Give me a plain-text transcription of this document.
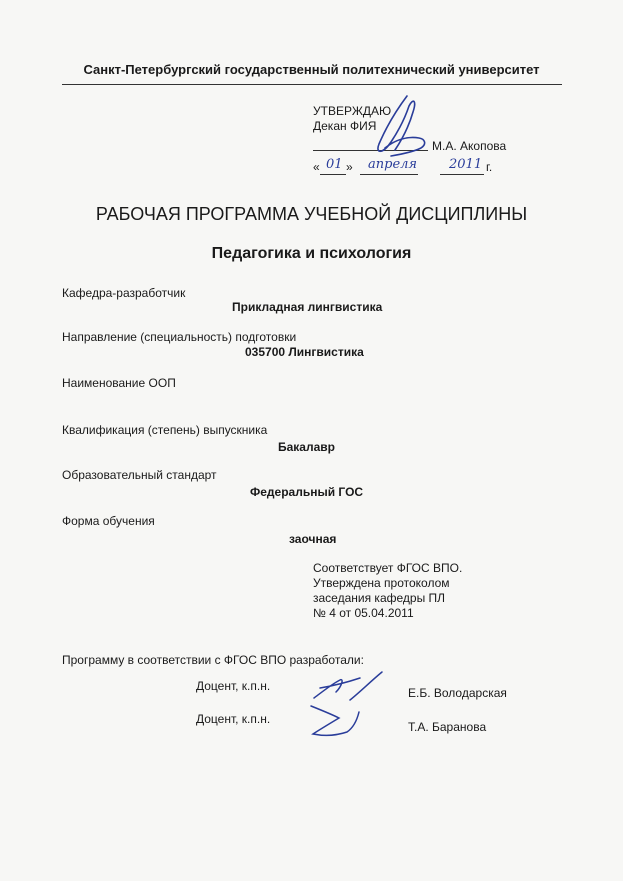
Санкт-Петербургский государственный политехнический университет
УТВЕРЖДАЮ
Декан ФИЯ
М.А. Акопова
« 01 » апреля 2011 г.
РАБОЧАЯ ПРОГРАММА УЧЕБНОЙ ДИСЦИПЛИНЫ
Педагогика и психология
Кафедра-разработчик
Прикладная лингвистика
Направление (специальность) подготовки
035700 Лингвистика
Наименование ООП
Квалификация (степень) выпускника
Бакалавр
Образовательный стандарт
Федеральный ГОС
Форма обучения
заочная
Соответствует ФГОС ВПО.
Утверждена протоколом
заседания кафедры ПЛ
№ 4 от 05.04.2011
Программу в соответствии с ФГОС ВПО разработали:
Доцент, к.п.н.	Е.Б. Володарская
Доцент, к.п.н.
Т.А. Баранова
